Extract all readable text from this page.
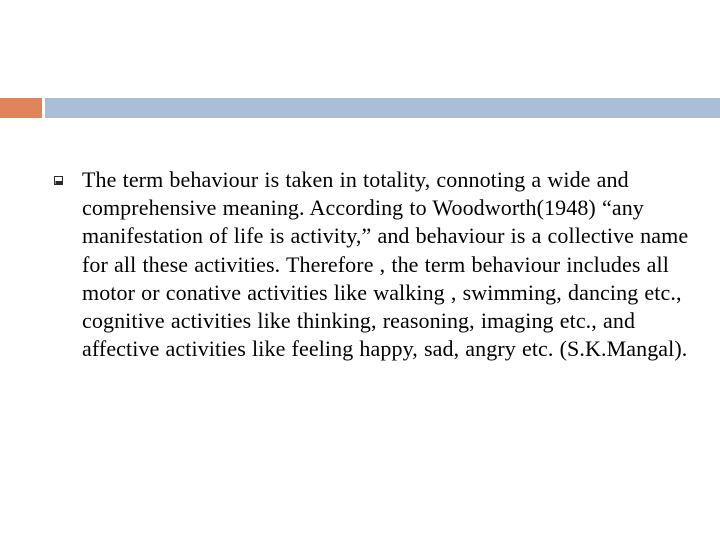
The term behaviour is taken in totality, connoting a wide and comprehensive meaning. According to Woodworth(1948) “any manifestation of life is activity,” and behaviour is a collective name for all these activities. Therefore , the term behaviour includes all motor or conative activities like walking , swimming, dancing etc., cognitive activities like thinking, reasoning, imaging etc., and affective activities like feeling happy, sad, angry etc. (S.K.Mangal).
